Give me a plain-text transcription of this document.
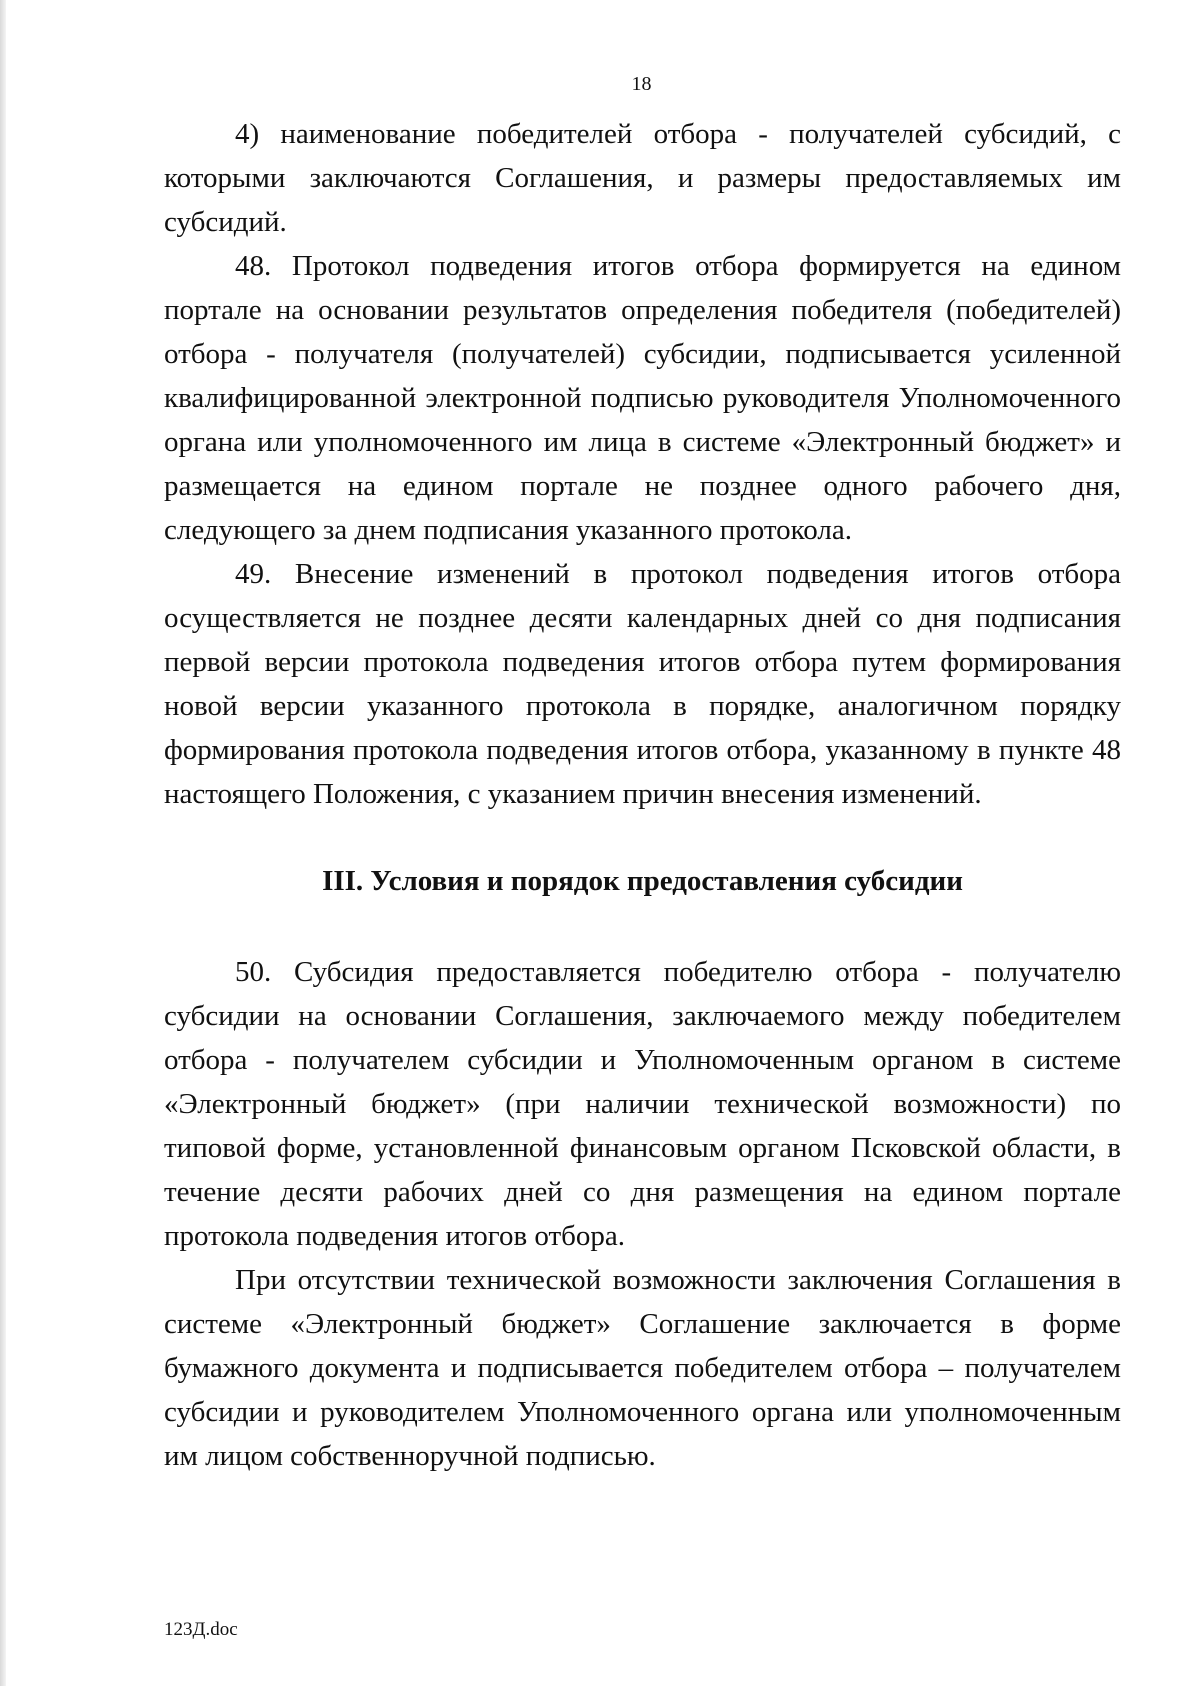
18

4) наименование победителей отбора - получателей субсидий, с которыми заключаются Соглашения, и размеры предоставляемых им субсидий.

48. Протокол подведения итогов отбора формируется на едином портале на основании результатов определения победителя (победителей) отбора - получателя (получателей) субсидии, подписывается усиленной квалифицированной электронной подписью руководителя Уполномоченного органа или уполномоченного им лица в системе «Электронный бюджет» и размещается на едином портале не позднее одного рабочего дня, следующего за днем подписания указанного протокола.

49. Внесение изменений в протокол подведения итогов отбора осуществляется не позднее десяти календарных дней со дня подписания первой версии протокола подведения итогов отбора путем формирования новой версии указанного протокола в порядке, аналогичном порядку формирования протокола подведения итогов отбора, указанному в пункте 48 настоящего Положения, с указанием причин внесения изменений.

III. Условия и порядок предоставления субсидии

50. Субсидия предоставляется победителю отбора - получателю субсидии на основании Соглашения, заключаемого между победителем отбора - получателем субсидии и Уполномоченным органом в системе «Электронный бюджет» (при наличии технической возможности) по типовой форме, установленной финансовым органом Псковской области, в течение десяти рабочих дней со дня размещения на едином портале протокола подведения итогов отбора.

При отсутствии технической возможности заключения Соглашения в системе «Электронный бюджет» Соглашение заключается в форме бумажного документа и подписывается победителем отбора – получателем субсидии и руководителем Уполномоченного органа или уполномоченным им лицом собственноручной подписью.

123Д.doc
